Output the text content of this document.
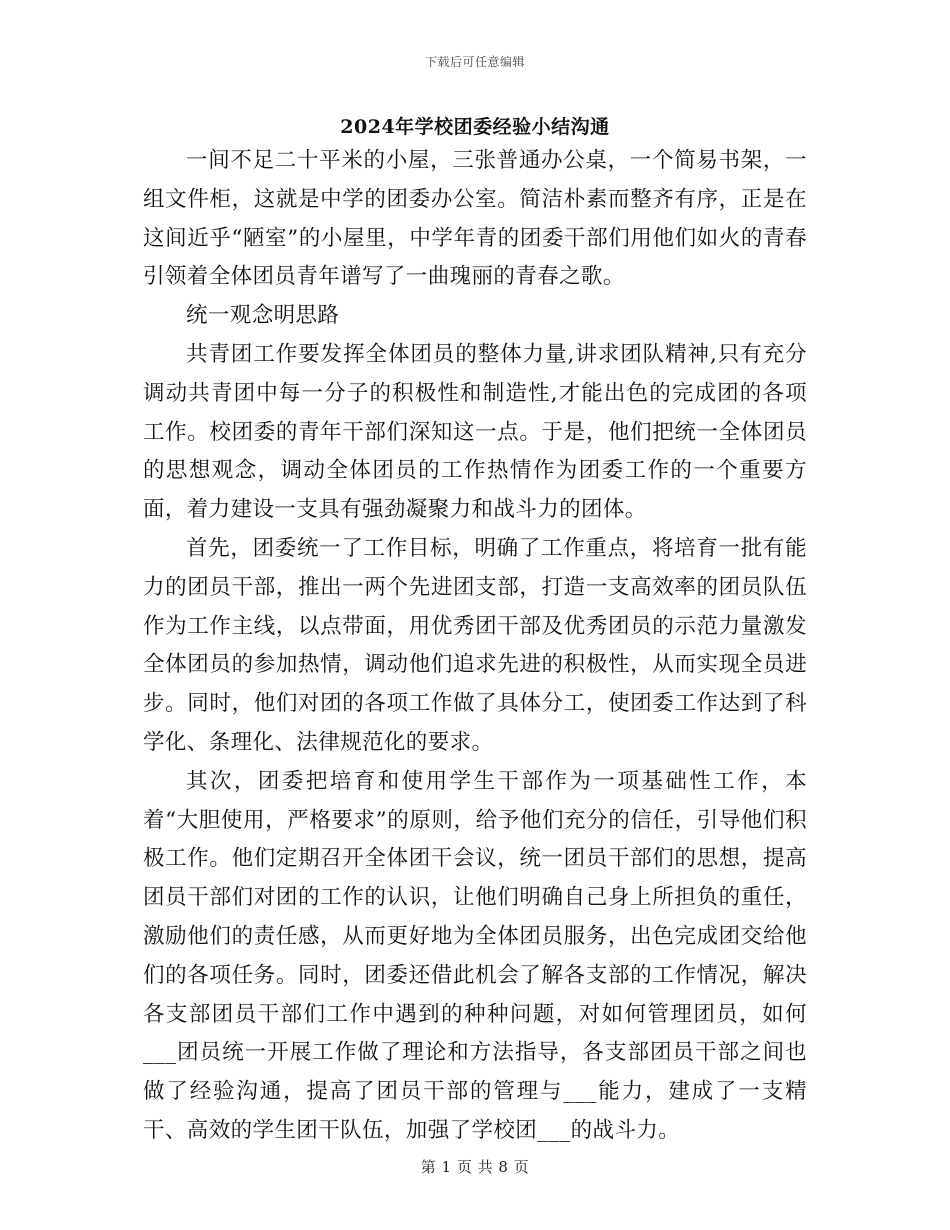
下载后可任意编辑
2024年学校团委经验小结沟通

一间不足二十平米的小屋，三张普通办公桌，一个简易书架，一组文件柜，这就是中学的团委办公室。简洁朴素而整齐有序，正是在这间近乎“陋室”的小屋里，中学年青的团委干部们用他们如火的青春引领着全体团员青年谱写了一曲瑰丽的青春之歌。

统一观念明思路

共青团工作要发挥全体团员的整体力量,讲求团队精神,只有充分调动共青团中每一分子的积极性和制造性,才能出色的完成团的各项工作。校团委的青年干部们深知这一点。于是，他们把统一全体团员的思想观念，调动全体团员的工作热情作为团委工作的一个重要方面，着力建设一支具有强劲凝聚力和战斗力的团体。

首先，团委统一了工作目标，明确了工作重点，将培育一批有能力的团员干部，推出一两个先进团支部，打造一支高效率的团员队伍作为工作主线，以点带面，用优秀团干部及优秀团员的示范力量激发全体团员的参加热情，调动他们追求先进的积极性，从而实现全员进步。同时，他们对团的各项工作做了具体分工，使团委工作达到了科学化、条理化、法律规范化的要求。

其次，团委把培育和使用学生干部作为一项基础性工作，本着“大胆使用，严格要求”的原则，给予他们充分的信任，引导他们积极工作。他们定期召开全体团干会议，统一团员干部们的思想，提高团员干部们对团的工作的认识，让他们明确自己身上所担负的重任，激励他们的责任感，从而更好地为全体团员服务，出色完成团交给他们的各项任务。同时，团委还借此机会了解各支部的工作情况，解决各支部团员干部们工作中遇到的种种问题，对如何管理团员，如何___团员统一开展工作做了理论和方法指导，各支部团员干部之间也做了经验沟通，提高了团员干部的管理与___能力，建成了一支精干、高效的学生团干队伍，加强了学校团___的战斗力。

第 1 页 共 8 页
